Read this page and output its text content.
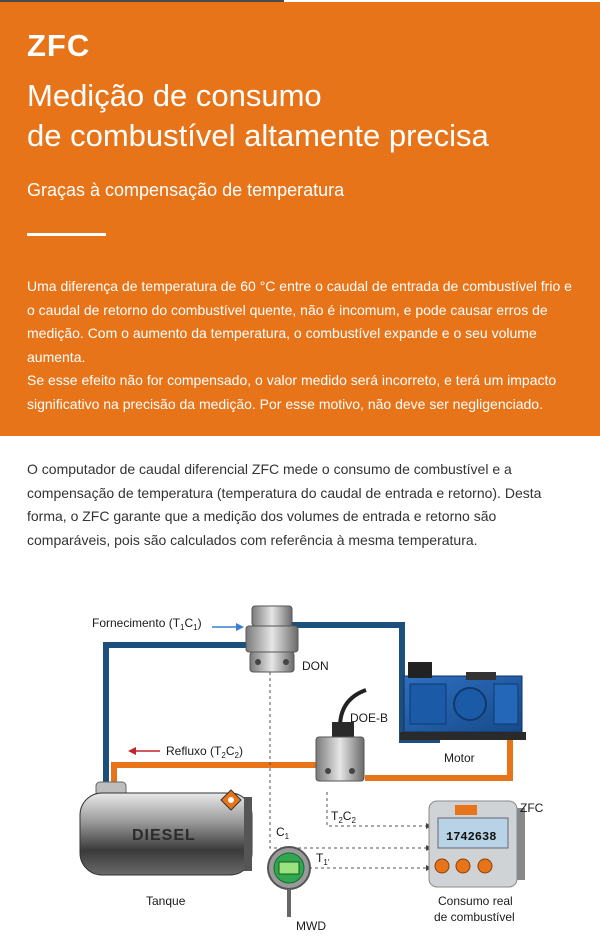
ZFC
Medição de consumo
de combustível altamente precisa
Graças à compensação de temperatura

Uma diferença de temperatura de 60 °C entre o caudal de entrada de combustível frio e o caudal de retorno do combustível quente, não é incomum, e pode causar erros de medição. Com o aumento da temperatura, o combustível expande e o seu volume aumenta.

Se esse efeito não for compensado, o valor medido será incorreto, e terá um impacto significativo na precisão da medição. Por esse motivo, não deve ser negligenciado.

O computador de caudal diferencial ZFC mede o consumo de combustível e a compensação de temperatura (temperatura do caudal de entrada e retorno). Desta forma, o ZFC garante que a medição dos volumes de entrada e retorno são comparáveis, pois são calculados com referência à mesma temperatura.

Fornecimento $(T_1C_1)$
Refluxo $(T_2C_2)$
DON
DOE-B
Motor
DIESEL
Tanque
MWD
1742638
ZFC
$T_2C_2$
$C_1$
$T_{1'}$
Consumo real
de combustível
